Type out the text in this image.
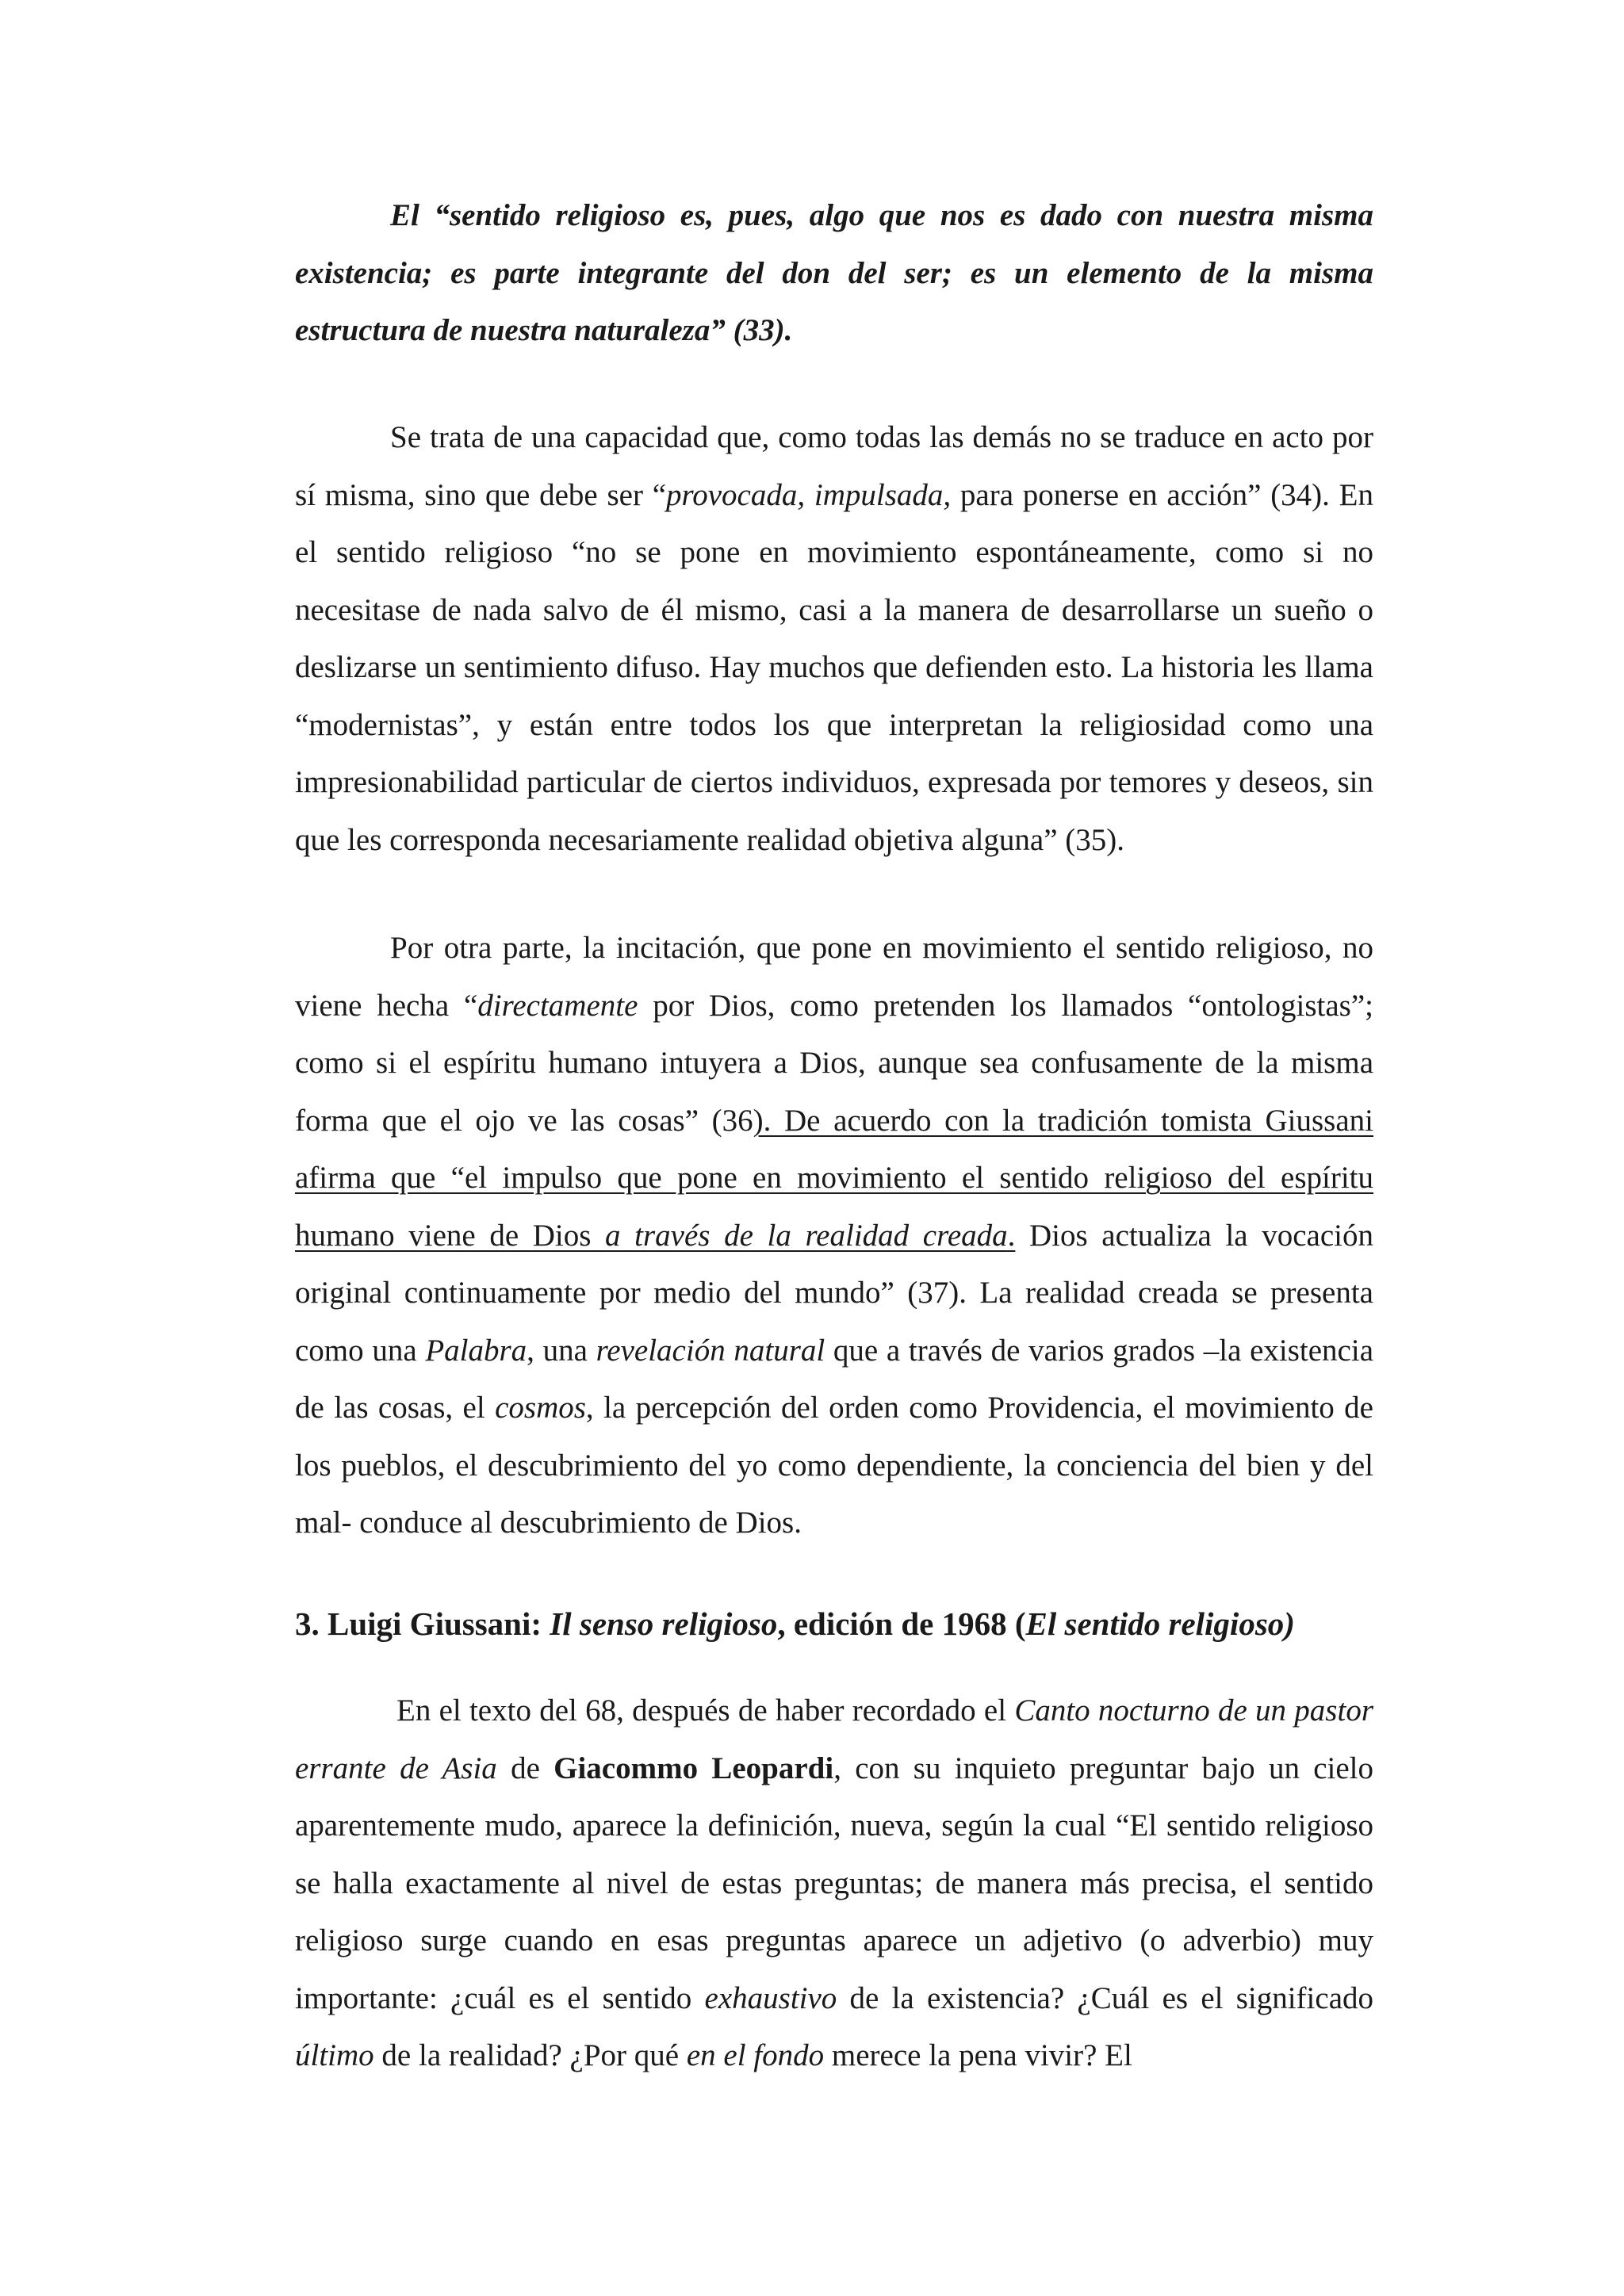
El “sentido religioso es, pues, algo que nos es dado con nuestra misma existencia; es parte integrante del don del ser; es un elemento de la misma estructura de nuestra naturaleza” (33).

Se trata de una capacidad que, como todas las demás no se traduce en acto por sí misma, sino que debe ser “provocada, impulsada, para ponerse en acción” (34). En el sentido religioso “no se pone en movimiento espontáneamente, como si no necesitase de nada salvo de él mismo, casi a la manera de desarrollarse un sueño o deslizarse un sentimiento difuso. Hay muchos que defienden esto. La historia les llama “modernistas”, y están entre todos los que interpretan la religiosidad como una impresionabilidad particular de ciertos individuos, expresada por temores y deseos, sin que les corresponda necesariamente realidad objetiva alguna” (35).

Por otra parte, la incitación, que pone en movimiento el sentido religioso, no viene hecha “directamente por Dios, como pretenden los llamados “ontologistas”; como si el espíritu humano intuyera a Dios, aunque sea confusamente de la misma forma que el ojo ve las cosas” (36). De acuerdo con la tradición tomista Giussani afirma que “el impulso que pone en movimiento el sentido religioso del espíritu humano viene de Dios a través de la realidad creada. Dios actualiza la vocación original continuamente por medio del mundo” (37). La realidad creada se presenta como una Palabra, una revelación natural que a través de varios grados –la existencia de las cosas, el cosmos, la percepción del orden como Providencia, el movimiento de los pueblos, el descubrimiento del yo como dependiente, la conciencia del bien y del mal- conduce al descubrimiento de Dios.

3. Luigi Giussani: Il senso religioso, edición de 1968 (El sentido religioso)

En el texto del 68, después de haber recordado el Canto nocturno de un pastor errante de Asia de Giacommo Leopardi, con su inquieto preguntar bajo un cielo aparentemente mudo, aparece la definición, nueva, según la cual “El sentido religioso se halla exactamente al nivel de estas preguntas; de manera más precisa, el sentido religioso surge cuando en esas preguntas aparece un adjetivo (o adverbio) muy importante: ¿cuál es el sentido exhaustivo de la existencia? ¿Cuál es el significado último de la realidad? ¿Por qué en el fondo merece la pena vivir? El
